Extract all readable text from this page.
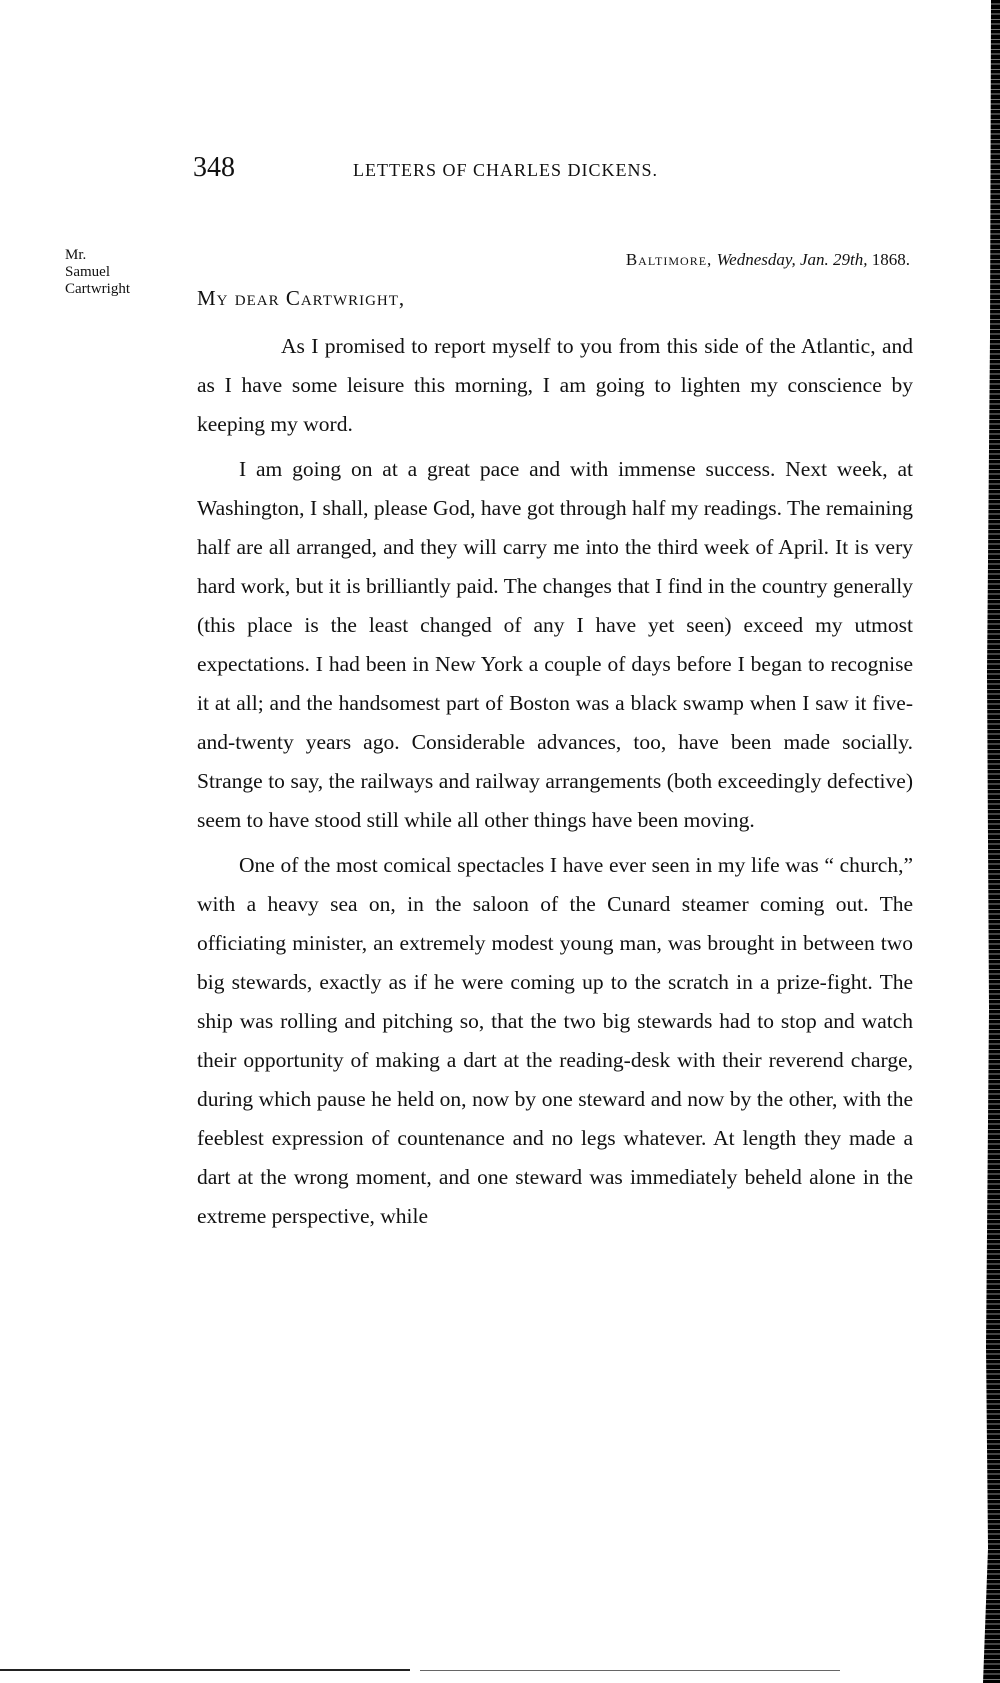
348	LETTERS OF CHARLES DICKENS.
Mr.
Samuel
Cartwright
Baltimore, Wednesday, Jan. 29th, 1868.
My dear Cartwright,

As I promised to report myself to you from this side of the Atlantic, and as I have some leisure this morning, I am going to lighten my conscience by keeping my word.

I am going on at a great pace and with immense success. Next week, at Washington, I shall, please God, have got through half my readings. The remaining half are all arranged, and they will carry me into the third week of April. It is very hard work, but it is brilliantly paid. The changes that I find in the country generally (this place is the least changed of any I have yet seen) exceed my utmost expectations. I had been in New York a couple of days before I began to recognise it at all; and the handsomest part of Boston was a black swamp when I saw it five-and-twenty years ago. Considerable advances, too, have been made socially. Strange to say, the railways and railway arrangements (both exceedingly defective) seem to have stood still while all other things have been moving.

One of the most comical spectacles I have ever seen in my life was “ church,” with a heavy sea on, in the saloon of the Cunard steamer coming out. The officiating minister, an extremely modest young man, was brought in between two big stewards, exactly as if he were coming up to the scratch in a prize-fight. The ship was rolling and pitching so, that the two big stewards had to stop and watch their opportunity of making a dart at the reading-desk with their reverend charge, during which pause he held on, now by one steward and now by the other, with the feeblest expression of countenance and no legs whatever. At length they made a dart at the wrong moment, and one steward was immediately beheld alone in the extreme perspective, while
